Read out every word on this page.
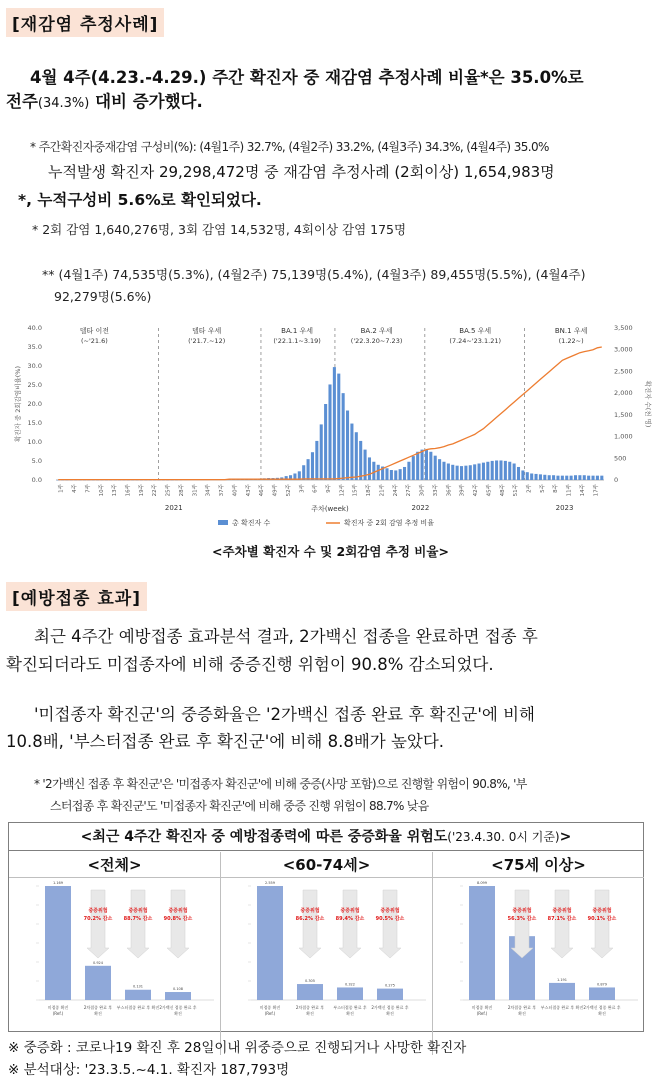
[재감염 추정사례]
4월 4주(4.23.-4.29.) 주간 확진자 중 재감염 추정사례 비율*은 35.0%로
전주(34.3%) 대비 증가했다.
* 주간확진자중재감염 구성비(%): (4월1주) 32.7%, (4월2주) 33.2%, (4월3주) 34.3%, (4월4주) 35.0%
누적발생 확진자 29,298,472명 중 재감염 추정사례 (2회이상) 1,654,983명
*, 누적구성비 5.6%로 확인되었다.
* 2회 감염 1,640,276명, 3회 감염 14,532명, 4회이상 감염 175명
** (4월1주) 74,535명(5.3%), (4월2주) 75,139명(5.4%), (4월3주) 89,455명(5.5%), (4월4주)
92,279명(5.6%)
델타 이전
(~'21.6)
델타 우세
('21.7.~12)
BA.1 우세
('22.1.1~3.19)
BA.2 우세
('22.3.20~7.23)
BA.5 우세
(7.24~'23.1.21)
BN.1 우세
(1.22~)
0.0
5.0
10.0
15.0
20.0
25.0
30.0
35.0
40.0
0
500
1,000
1,500
2,000
2,500
3,000
3,500
확진자 중 2회감염비율(%)	확진자 수(천 명)
1주	4주	7주	10주	13주	16주	19주	22주	25주	28주	31주	34주	37주	40주	43주	46주	49주	52주	3주	6주	9주	12주	15주	18주	21주	24주	27주	30주	33주	36주	39주	42주	45주	48주	51주	2주	5주	8주	11주	14주	17주
2021	2022	2023
주차(week)
총 확진자 수	확진자 중 2회 감염 추정 비율
<주차별 확진자 수 및 2회감염 추정 비율>
[예방접종 효과]
최근 4주간 예방접종 효과분석 결과, 2가백신 접종을 완료하면 접종 후
확진되더라도 미접종자에 비해 중증진행 위험이 90.8% 감소되었다.
'미접종자 확진군'의 중증화율은 '2가백신 접종 완료 후 확진군'에 비해
10.8배, '부스터접종 완료 후 확진군'에 비해 8.8배가 높았다.
* '2가백신 접종 후 확진군'은 '미접종자 확진군'에 비해 중증(사망 포함)으로 진행할 위험이 90.8%, '부
스터접종 후 확진군'도 '미접종자 확진군'에 비해 중증 진행 위험이 88.7% 낮음
<최근 4주간 확진자 중 예방접종력에 따른 중증화율 위험도('23.4.30. 0시 기준)>
<전체>
1.169
미접종 확진
(Ref.)
0.924
2차접종 완료 후
확진
0.131
부스터접종 완료 후 확진
0.108
2가백신 접종 완료 후
확진
중증위험
70.2% 감소
중증위험
88.7% 감소
중증위험
90.8% 감소
<60-74세>
2.559
미접종 확진
(Ref.)
0.305
2차접종 완료 후
확진
0.322
부스터접종 완료 후
확진
0.275
2가백신 접종 완료 후
확진
중증위험
86.2% 감소
중증위험
89.4% 감소
중증위험
90.5% 감소
<75세 이상>
8.099
미접종 확진
(Ref.)
2차접종 완료 후
확진
1.191
부스터접종 완료 후 확진
0.879
2가백신 접종 완료 후
확진
중증위험
56.3% 감소
중증위험
87.1% 감소
중증위험
90.1% 감소
※ 중증화 : 코로나19 확진 후 28일이내 위중증으로 진행되거나 사망한 확진자
※ 분석대상: '23.3.5.~4.1. 확진자 187,793명
